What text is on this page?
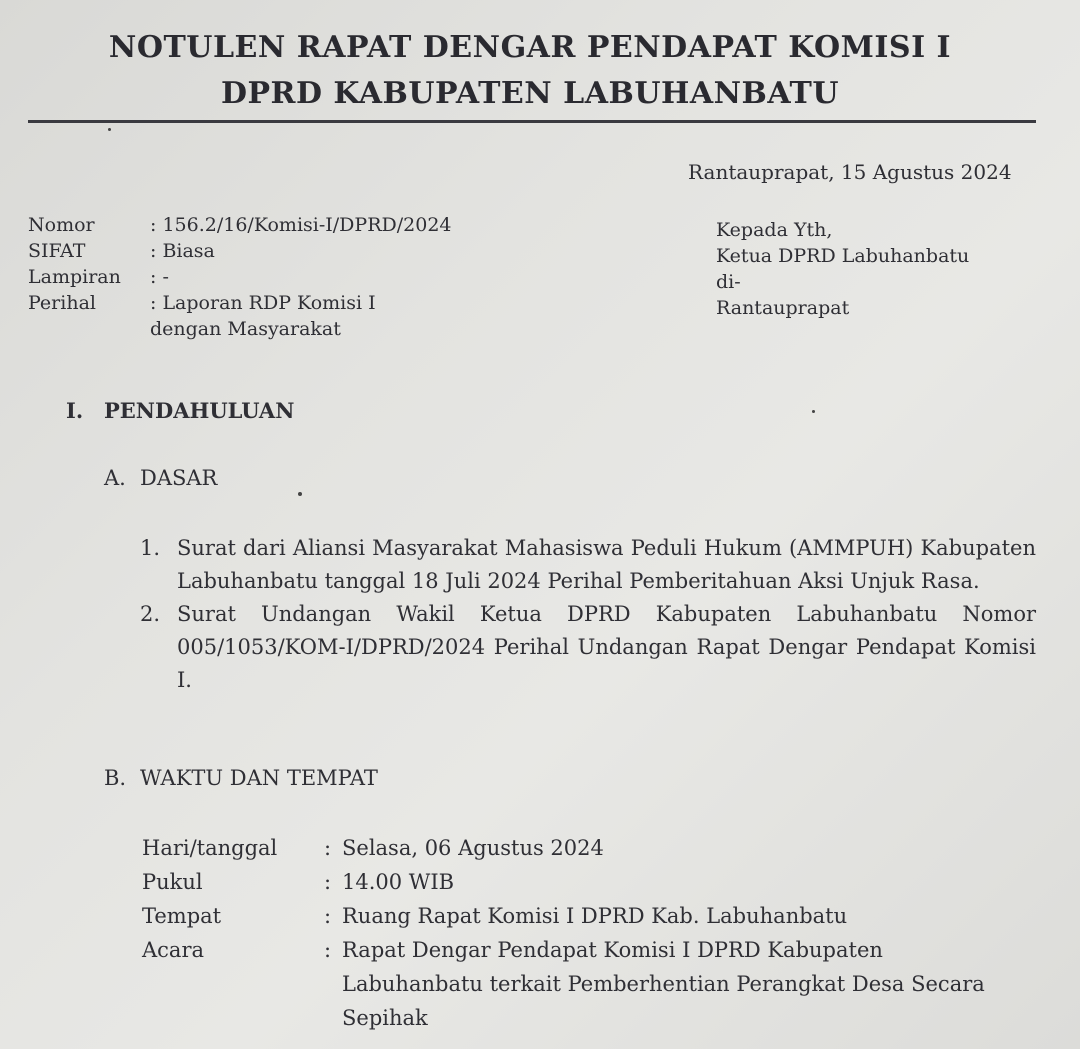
NOTULEN RAPAT DENGAR PENDAPAT KOMISI I
DPRD KABUPATEN LABUHANBATU
Rantauprapat, 15 Agustus 2024
Nomor	: 156.2/16/Komisi-I/DPRD/2024
SIFAT	: Biasa
Lampiran	: -
Perihal	: Laporan RDP Komisi I dengan Masyarakat
Kepada Yth,
Ketua DPRD Labuhanbatu
di-
Rantauprapat
I. PENDAHULUAN
A. DASAR
1. Surat dari Aliansi Masyarakat Mahasiswa Peduli Hukum (AMMPUH) Kabupaten Labuhanbatu tanggal 18 Juli 2024 Perihal Pemberitahuan Aksi Unjuk Rasa.
2. Surat Undangan Wakil Ketua DPRD Kabupaten Labuhanbatu Nomor 005/1053/KOM-I/DPRD/2024 Perihal Undangan Rapat Dengar Pendapat Komisi I.
B. WAKTU DAN TEMPAT
Hari/tanggal	: Selasa, 06 Agustus 2024
Pukul	: 14.00 WIB
Tempat	: Ruang Rapat Komisi I DPRD Kab. Labuhanbatu
Acara	: Rapat Dengar Pendapat Komisi I DPRD Kabupaten Labuhanbatu terkait Pemberhentian Perangkat Desa Secara Sepihak
